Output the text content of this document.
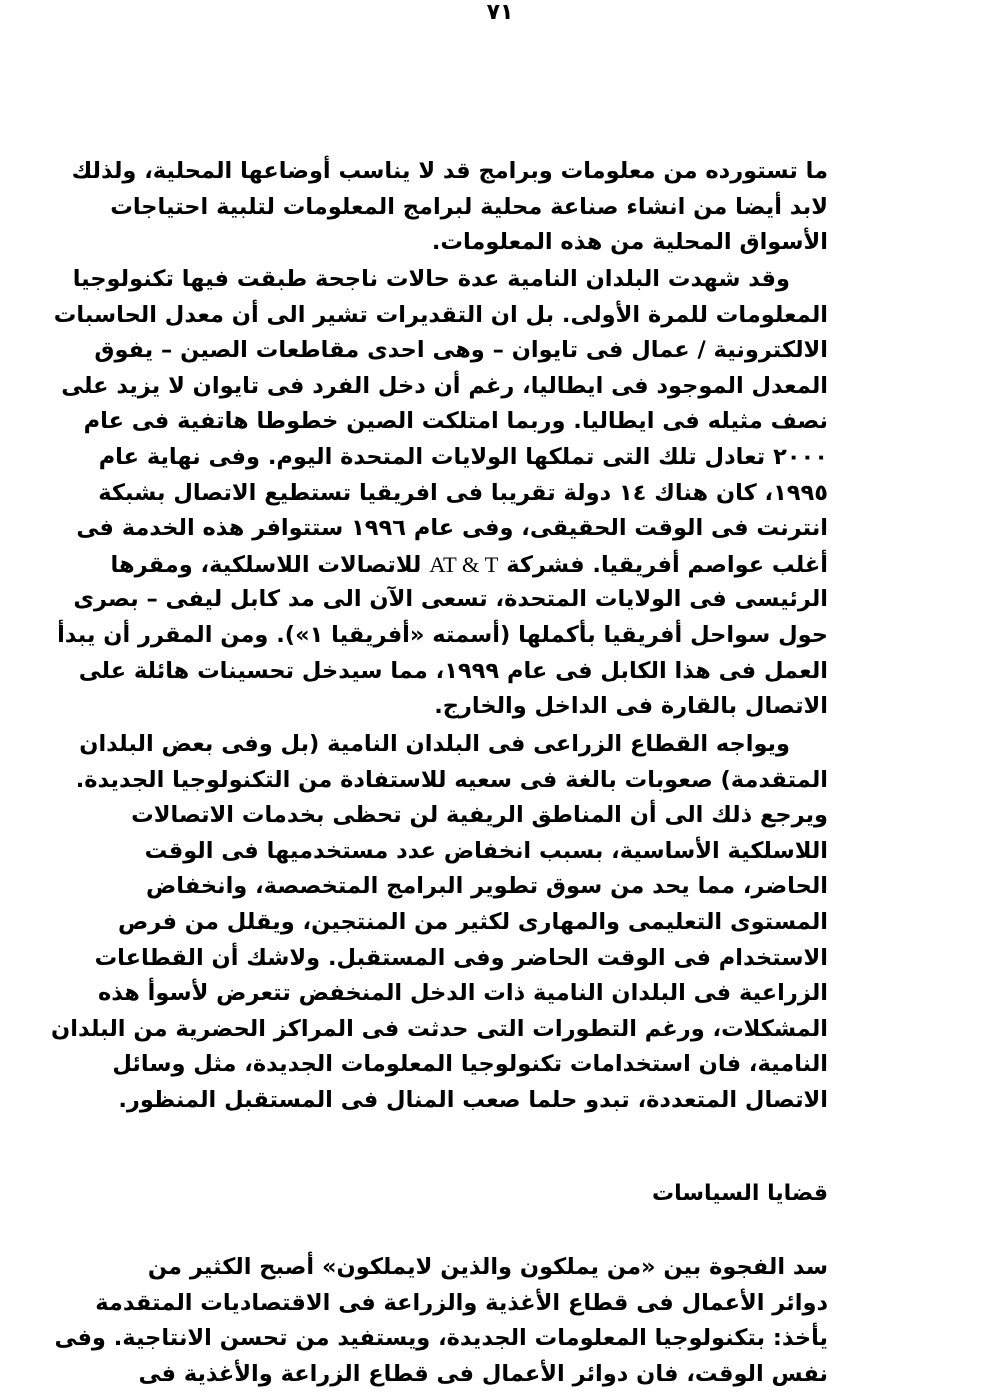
٧١
ما تستورده من معلومات وبرامج قد لا يناسب أوضاعها المحلية، ولذلك
لابد أيضا من انشاء صناعة محلية لبرامج المعلومات لتلبية احتياجات
الأسواق المحلية من هذه المعلومات.
وقد شهدت البلدان النامية عدة حالات ناجحة طبقت فيها تكنولوجيا
المعلومات للمرة الأولى. بل ان التقديرات تشير الى أن معدل الحاسبات
الالكترونية / عمال فى تايوان – وهى احدى مقاطعات الصين – يفوق
المعدل الموجود فى ايطاليا، رغم أن دخل الفرد فى تايوان لا يزيد على
نصف مثيله فى ايطاليا. وربما امتلكت الصين خطوطا هاتفية فى عام
٢٠٠٠ تعادل تلك التى تملكها الولايات المتحدة اليوم. وفى نهاية عام
١٩٩٥، كان هناك ١٤ دولة تقريبا فى افريقيا تستطيع الاتصال بشبكة
انترنت فى الوقت الحقيقى، وفى عام ١٩٩٦ ستتوافر هذه الخدمة فى
أغلب عواصم أفريقيا. فشركة AT & T للاتصالات اللاسلكية، ومقرها
الرئيسى فى الولايات المتحدة، تسعى الآن الى مد كابل ليفى – بصرى
حول سواحل أفريقيا بأكملها (أسمته «أفريقيا ١»). ومن المقرر أن يبدأ
العمل فى هذا الكابل فى عام ١٩٩٩، مما سيدخل تحسينات هائلة على
الاتصال بالقارة فى الداخل والخارج.
ويواجه القطاع الزراعى فى البلدان النامية (بل وفى بعض البلدان
المتقدمة) صعوبات بالغة فى سعيه للاستفادة من التكنولوجيا الجديدة.
ويرجع ذلك الى أن المناطق الريفية لن تحظى بخدمات الاتصالات
اللاسلكية الأساسية، بسبب انخفاض عدد مستخدميها فى الوقت
الحاضر، مما يحد من سوق تطوير البرامج المتخصصة، وانخفاض
المستوى التعليمى والمهارى لكثير من المنتجين، ويقلل من فرص
الاستخدام فى الوقت الحاضر وفى المستقبل. ولاشك أن القطاعات
الزراعية فى البلدان النامية ذات الدخل المنخفض تتعرض لأسوأ هذه
المشكلات، ورغم التطورات التى حدثت فى المراكز الحضرية من البلدان
النامية، فان استخدامات تكنولوجيا المعلومات الجديدة، مثل وسائل
الاتصال المتعددة، تبدو حلما صعب المنال فى المستقبل المنظور.
قضايا السياسات
سد الفجوة بين «من يملكون والذين لايملكون» أصبح الكثير من
دوائر الأعمال فى قطاع الأغذية والزراعة فى الاقتصاديات المتقدمة
يأخذ: بتكنولوجيا المعلومات الجديدة، ويستفيد من تحسن الانتاجية. وفى
نفس الوقت، فان دوائر الأعمال فى قطاع الزراعة والأغذية فى
